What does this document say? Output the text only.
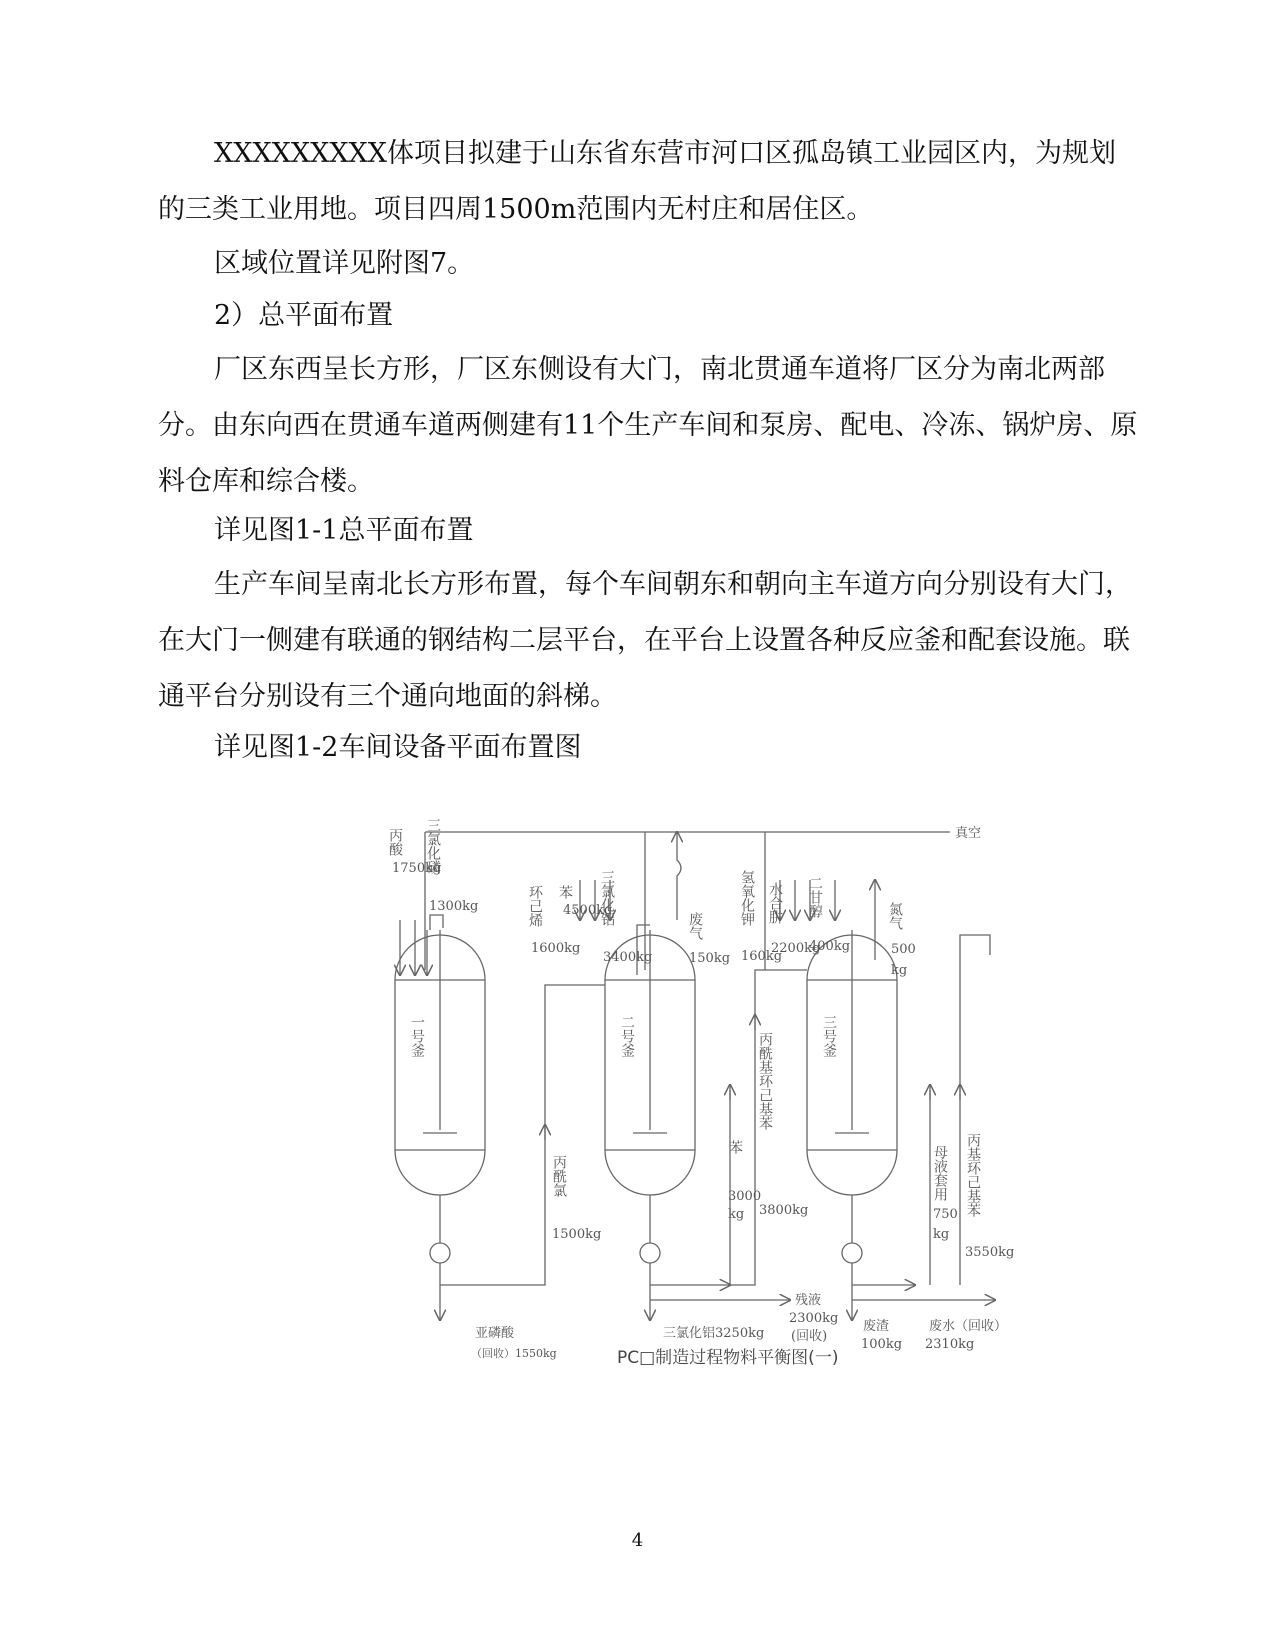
XXXXXXXXX体项目拟建于山东省东营市河口区孤岛镇工业园区内，为规划的三类工业用地。项目四周1500m范围内无村庄和居住区。

区域位置详见附图7。
2）总平面布置

厂区东西呈长方形，厂区东侧设有大门，南北贯通车道将厂区分为南北两部分。由东向西在贯通车道两侧建有11个生产车间和泵房、配电、冷冻、锅炉房、原料仓库和综合楼。

详见图1-1总平面布置

生产车间呈南北长方形布置，每个车间朝东和朝向主车道方向分别设有大门，在大门一侧建有联通的钢结构二层平台，在平台上设置各种反应釜和配套设施。联通平台分别设有三个通向地面的斜梯。

详见图1-2车间设备平面布置图
真空
一号釜	二号釜	三号釜
丙酸
1750kg
三氯化磷
1300kg	环己烯
1600kg
苯
4500kg
三氯化铝
3400kg
废气
150kg
氢氧化钾
160kg
水合肼
2200kg
二甘醇
400kg
氮气
500
kg
丙酰氯
1500kg
苯
3000
kg
丙酰基环己基苯
3800kg
母液套用
750
kg
丙基环己基苯
3550kg
亚磷酸
（回收）1550kg
三氯化铝3250kg
残液
2300kg
(回收)
废渣
100kg
废水（回收）
2310kg
PC□制造过程物料平衡图(一)
4
